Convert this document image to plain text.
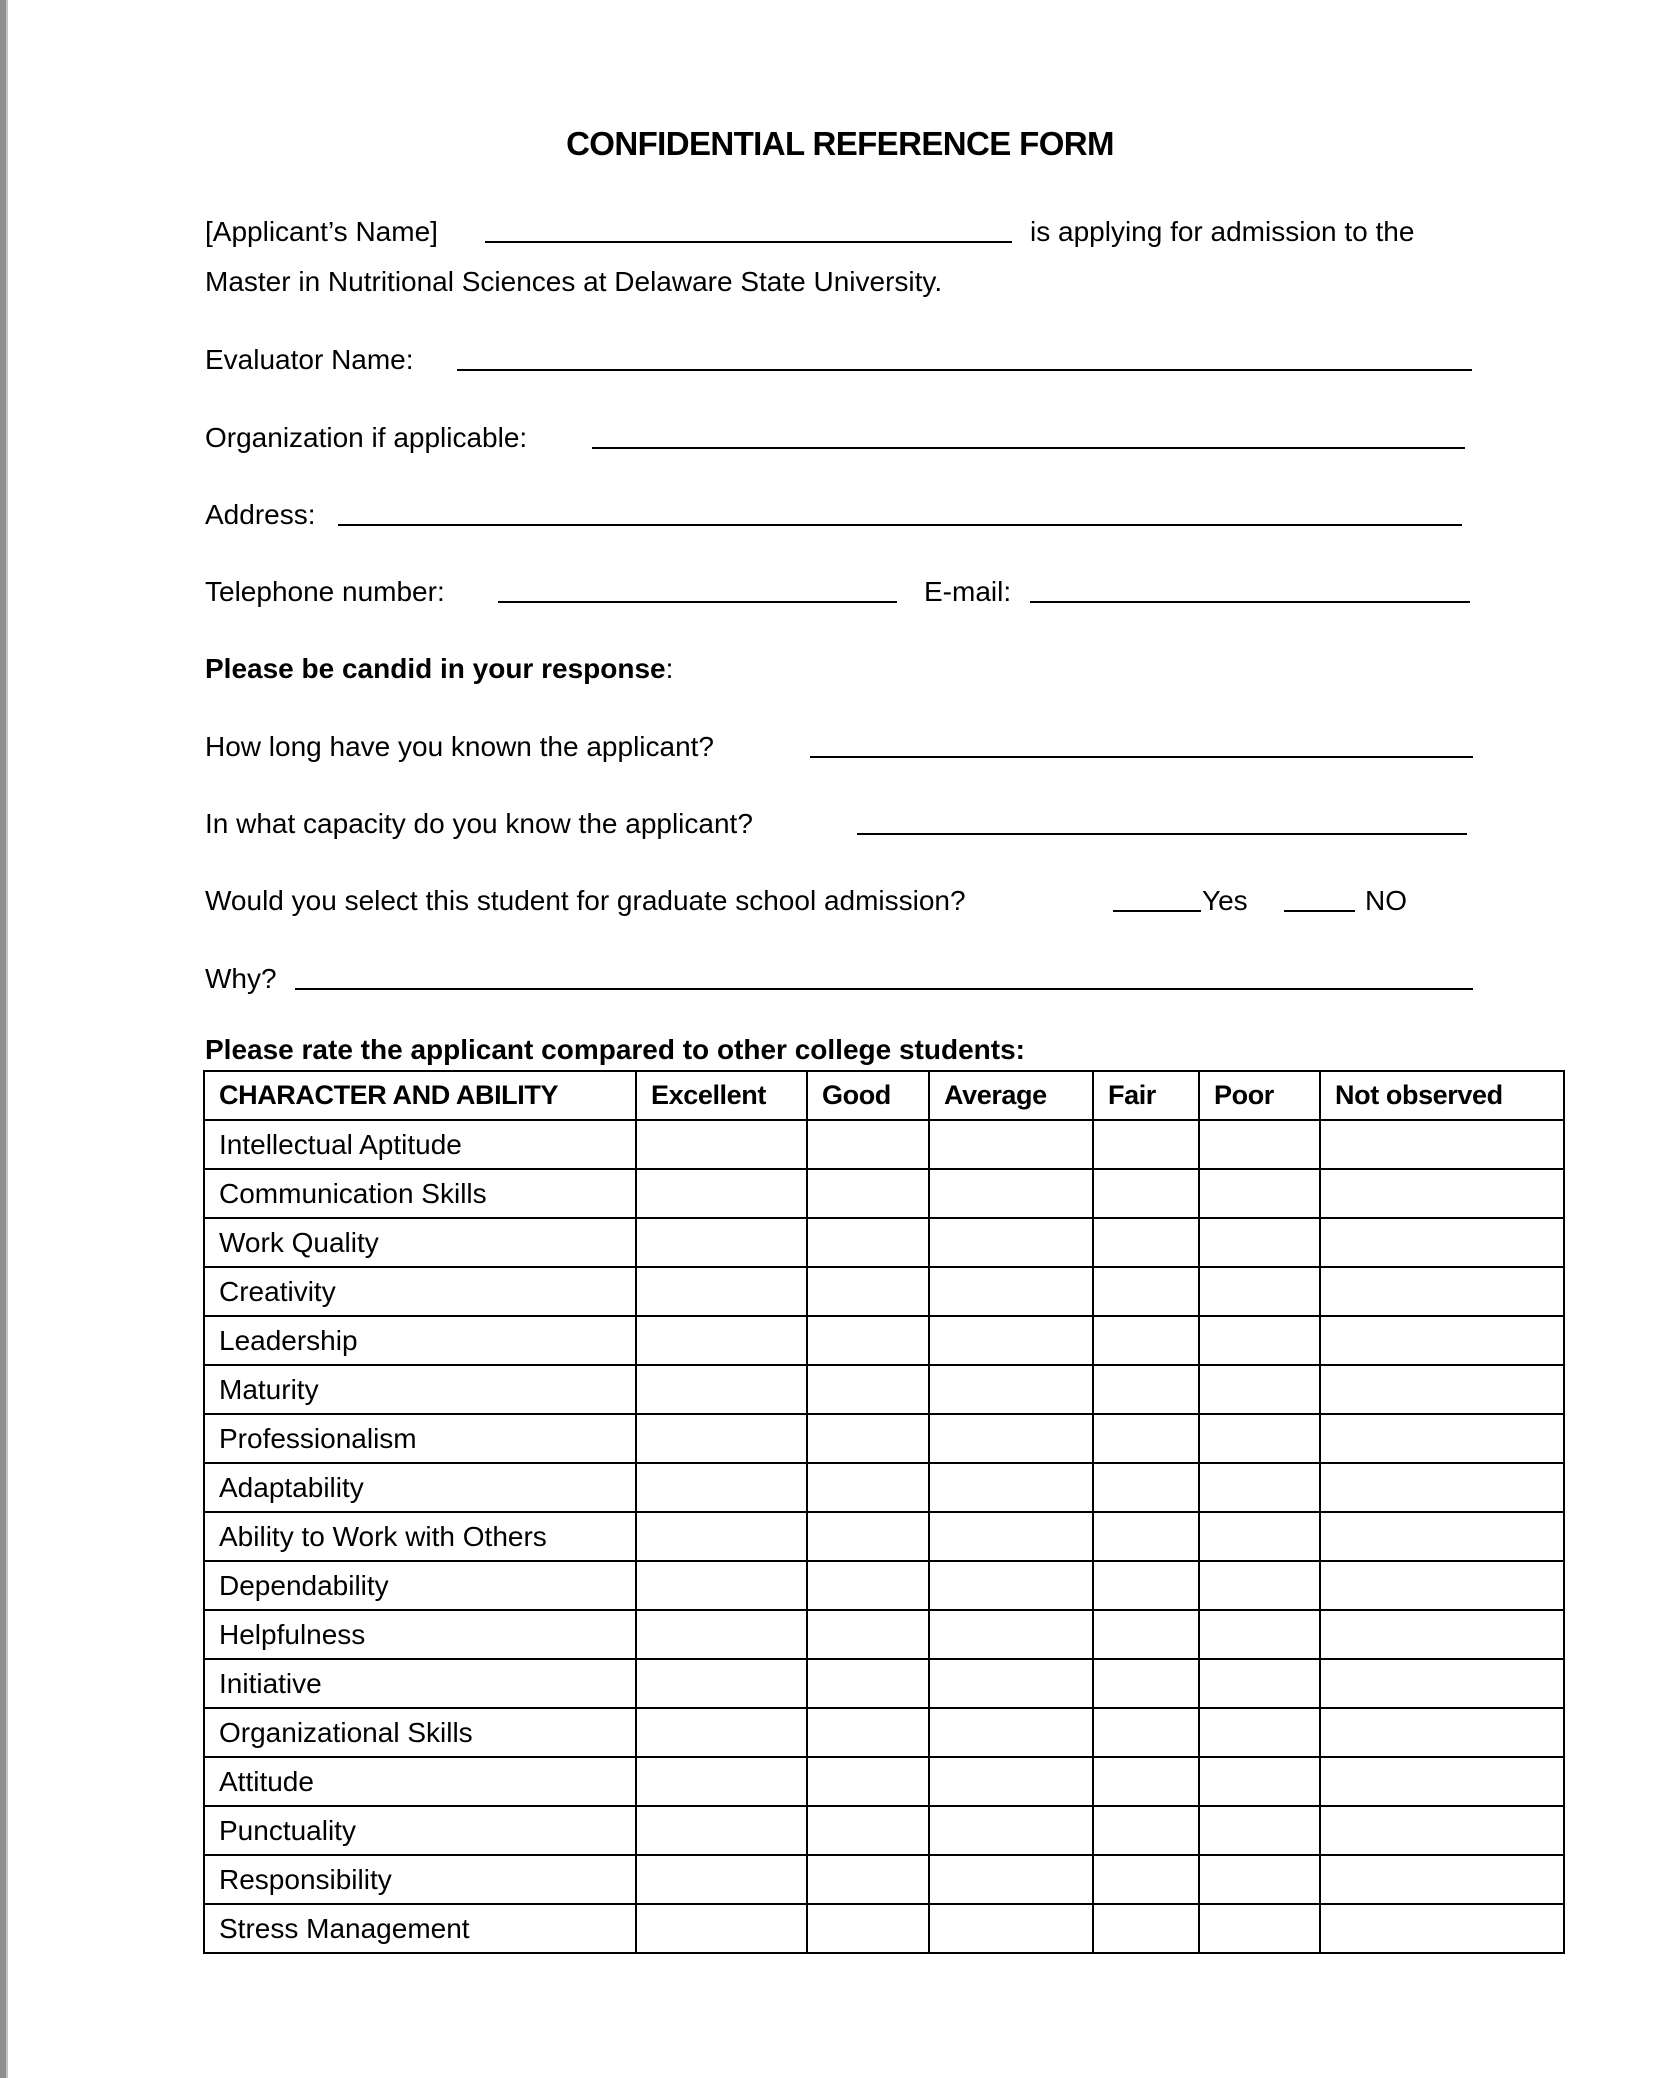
CONFIDENTIAL REFERENCE FORM
[Applicant’s Name]	is applying for admission to the
Master in Nutritional Sciences at Delaware State University.
Evaluator Name:
Organization if applicable:
Address:
Telephone number:	E-mail:
Please be candid in your response:
How long have you known the applicant?
In what capacity do you know the applicant?
Would you select this student for graduate school admission?	Yes	NO
Why?
Please rate the applicant compared to other college students:
CHARACTER AND ABILITY	Excellent	Good	Average	Fair	Poor	Not observed
Intellectual Aptitude						
Communication Skills						
Work Quality						
Creativity						
Leadership						
Maturity						
Professionalism						
Adaptability						
Ability to Work with Others						
Dependability						
Helpfulness						
Initiative						
Organizational Skills						
Attitude						
Punctuality						
Responsibility						
Stress Management						
